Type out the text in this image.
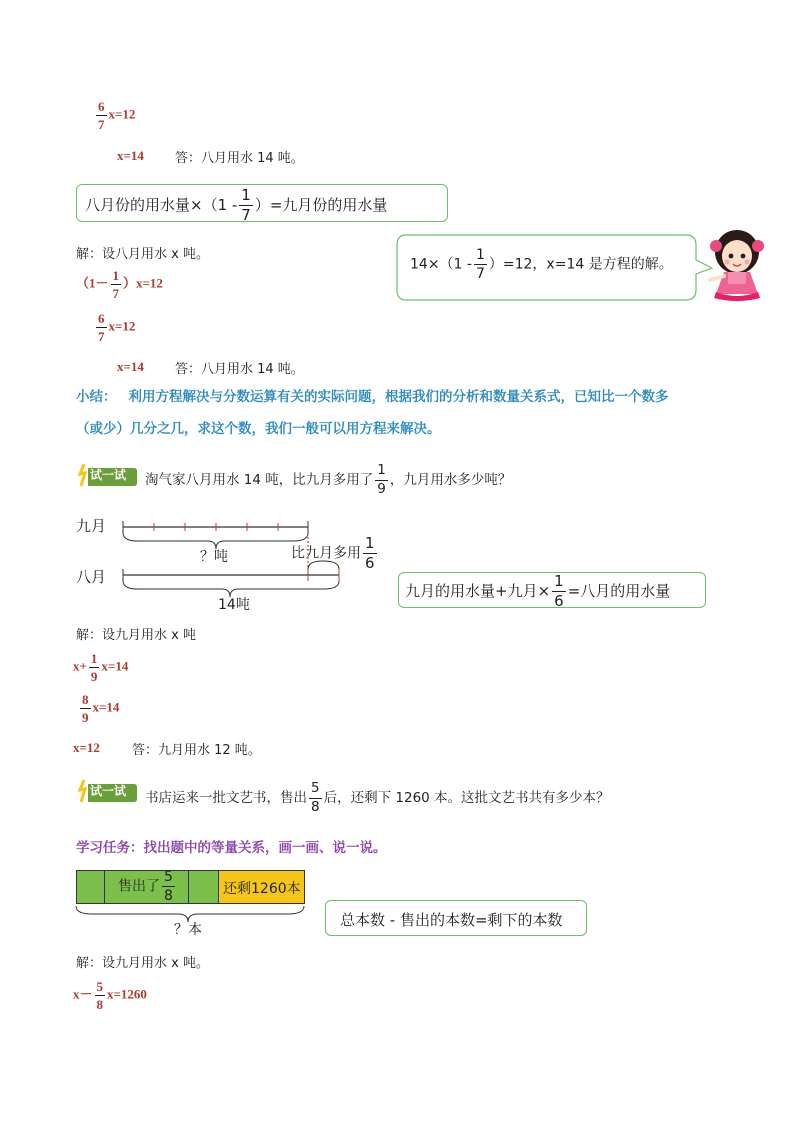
$\frac{6}{7} x=12$
x=14 答：八月用水 14 吨。
八月份的用水量$\times(1 - \frac{1}{7}$ ）=九月份的用水量
解：设八月用水 x 吨。
$(1- \frac{1}{7} )x=12$
$\frac{6}{7} x=12$
x=14 答：八月用水 14 吨。
$14\times(1 - \frac{1}{7} )=12$，x=14 是方程的解。
小结： 利用方程解决与分数运算有关的实际问题，根据我们的分析和数量关系式，已知比一个数多
（或少）几分之几，求这个数，我们一般可以用方程来解决。
试一试 淘气家八月用水 14 吨，比九月多用了 $\frac{1}{9}$ ，九月用水多少吨？
九月
八月
？吨	比九月多用 $\frac{1}{6}$
14吨
九月的用水量+九月× $\frac{1}{6}$ =八月的用水量
解：设九月用水 x 吨
$x+ \frac{1}{9} x=14$
$\frac{8}{9} x=14$
x=12 答：九月用水 12 吨。
试一试 书店运来一批文艺书，售出 $\frac{5}{8}$ 后，还剩下 1260 本。这批文艺书共有多少本？
学习任务：找出题中的等量关系，画一画、说一说。
售出了 $\frac{5}{8}$	还剩1260本
？本
总本数 - 售出的本数=剩下的本数
解：设九月用水 x 吨。
$x- \frac{5}{8} x=1260$
